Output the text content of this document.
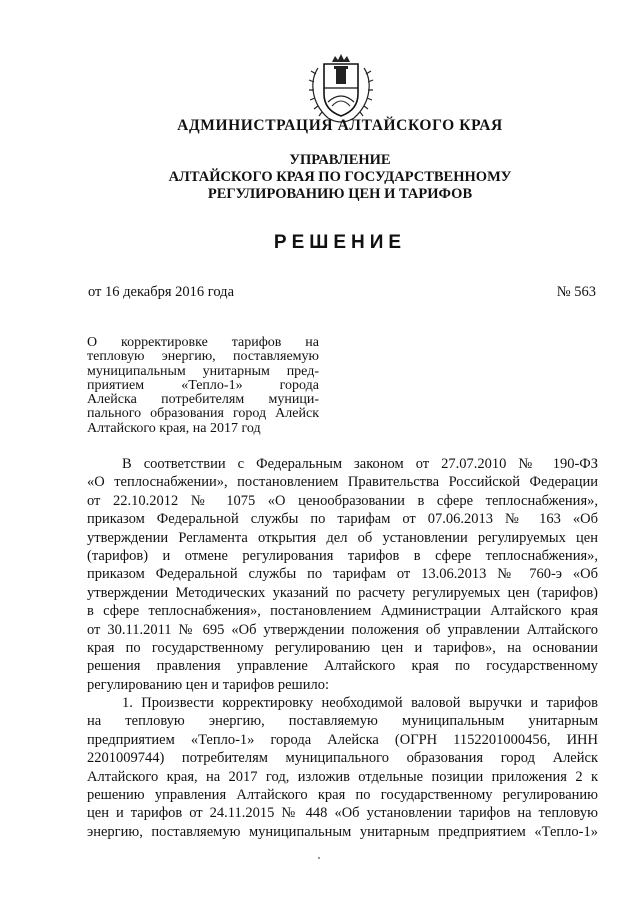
АДМИНИСТРАЦИЯ АЛТАЙСКОГО КРАЯ
УПРАВЛЕНИЕ
АЛТАЙСКОГО КРАЯ ПО ГОСУДАРСТВЕННОМУ
РЕГУЛИРОВАНИЮ ЦЕН И ТАРИФОВ
РЕШЕНИЕ
от 16 декабря 2016 года	№ 563
О корректировке тарифов на
тепловую энергию, поставляемую
муниципальным унитарным пред-
приятием «Тепло-1» города
Алейска потребителям муници-
пального образования город Алейск
Алтайского края, на 2017 год
В соответствии с Федеральным законом от 27.07.2010 № 190-ФЗ
«О теплоснабжении», постановлением Правительства Российской Федерации
от 22.10.2012 № 1075 «О ценообразовании в сфере теплоснабжения»,
приказом Федеральной службы по тарифам от 07.06.2013 № 163 «Об
утверждении Регламента открытия дел об установлении регулируемых цен
(тарифов) и отмене регулирования тарифов в сфере теплоснабжения»,
приказом Федеральной службы по тарифам от 13.06.2013 № 760-э «Об
утверждении Методических указаний по расчету регулируемых цен (тарифов)
в сфере теплоснабжения», постановлением Администрации Алтайского края
от 30.11.2011 № 695 «Об утверждении положения об управлении Алтайского
края по государственному регулированию цен и тарифов», на основании
решения правления управление Алтайского края по государственному
регулированию цен и тарифов решило:
1. Произвести корректировку необходимой валовой выручки и тарифов
на тепловую энергию, поставляемую муниципальным унитарным
предприятием «Тепло-1» города Алейска (ОГРН 1152201000456, ИНН
2201009744) потребителям муниципального образования город Алейск
Алтайского края, на 2017 год, изложив отдельные позиции приложения 2 к
решению управления Алтайского края по государственному регулированию
цен и тарифов от 24.11.2015 № 448 «Об установлении тарифов на тепловую
энергию, поставляемую муниципальным унитарным предприятием «Тепло-1»
